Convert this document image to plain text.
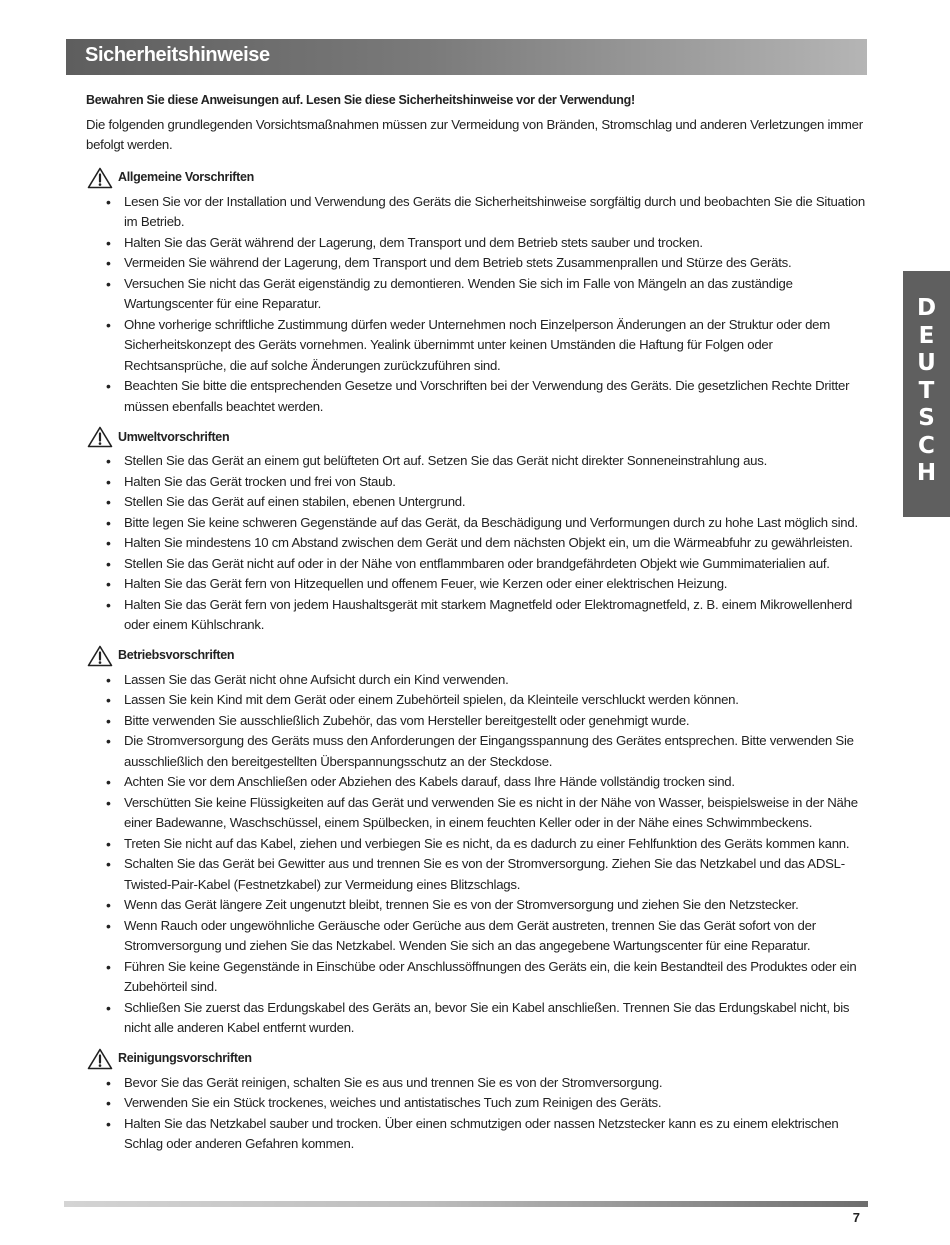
Sicherheitshinweise
D
E
U
T
S
C
H

Bewahren Sie diese Anweisungen auf. Lesen Sie diese Sicherheitshinweise vor der Verwendung!

Die folgenden grundlegenden Vorsichtsmaßnahmen müssen zur Vermeidung von Bränden, Stromschlag und anderen Verletzungen immer befolgt werden.

Allgemeine Vorschriften
• Lesen Sie vor der Installation und Verwendung des Geräts die Sicherheitshinweise sorgfältig durch und beobachten Sie die Situation im Betrieb.
• Halten Sie das Gerät während der Lagerung, dem Transport und dem Betrieb stets sauber und trocken.
• Vermeiden Sie während der Lagerung, dem Transport und dem Betrieb stets Zusammenprallen und Stürze des Geräts.
• Versuchen Sie nicht das Gerät eigenständig zu demontieren. Wenden Sie sich im Falle von Mängeln an das zuständige Wartungscenter für eine Reparatur.
• Ohne vorherige schriftliche Zustimmung dürfen weder Unternehmen noch Einzelperson Änderungen an der Struktur oder dem Sicherheitskonzept des Geräts vornehmen. Yealink übernimmt unter keinen Umständen die Haftung für Folgen oder Rechtsansprüche, die auf solche Änderungen zurückzuführen sind.
• Beachten Sie bitte die entsprechenden Gesetze und Vorschriften bei der Verwendung des Geräts. Die gesetzlichen Rechte Dritter müssen ebenfalls beachtet werden.
Umweltvorschriften
• Stellen Sie das Gerät an einem gut belüfteten Ort auf. Setzen Sie das Gerät nicht direkter Sonneneinstrahlung aus.
• Halten Sie das Gerät trocken und frei von Staub.
• Stellen Sie das Gerät auf einen stabilen, ebenen Untergrund.
• Bitte legen Sie keine schweren Gegenstände auf das Gerät, da Beschädigung und Verformungen durch zu hohe Last möglich sind.
• Halten Sie mindestens 10 cm Abstand zwischen dem Gerät und dem nächsten Objekt ein, um die Wärmeabfuhr zu gewährleisten.
• Stellen Sie das Gerät nicht auf oder in der Nähe von entflammbaren oder brandgefährdeten Objekt wie Gummimaterialien auf.
• Halten Sie das Gerät fern von Hitzequellen und offenem Feuer, wie Kerzen oder einer elektrischen Heizung.
• Halten Sie das Gerät fern von jedem Haushaltsgerät mit starkem Magnetfeld oder Elektromagnetfeld, z. B. einem Mikrowellenherd oder einem Kühlschrank.
Betriebsvorschriften
• Lassen Sie das Gerät nicht ohne Aufsicht durch ein Kind verwenden.
• Lassen Sie kein Kind mit dem Gerät oder einem Zubehörteil spielen, da Kleinteile verschluckt werden können.
• Bitte verwenden Sie ausschließlich Zubehör, das vom Hersteller bereitgestellt oder genehmigt wurde.
• Die Stromversorgung des Geräts muss den Anforderungen der Eingangsspannung des Gerätes entsprechen. Bitte verwenden Sie ausschließlich den bereitgestellten Überspannungsschutz an der Steckdose.
• Achten Sie vor dem Anschließen oder Abziehen des Kabels darauf, dass Ihre Hände vollständig trocken sind.
• Verschütten Sie keine Flüssigkeiten auf das Gerät und verwenden Sie es nicht in der Nähe von Wasser, beispielsweise in der Nähe einer Badewanne, Waschschüssel, einem Spülbecken, in einem feuchten Keller oder in der Nähe eines Schwimmbeckens.
• Treten Sie nicht auf das Kabel, ziehen und verbiegen Sie es nicht, da es dadurch zu einer Fehlfunktion des Geräts kommen kann.
• Schalten Sie das Gerät bei Gewitter aus und trennen Sie es von der Stromversorgung. Ziehen Sie das Netzkabel und das ADSL-Twisted-Pair-Kabel (Festnetzkabel) zur Vermeidung eines Blitzschlags.
• Wenn das Gerät längere Zeit ungenutzt bleibt, trennen Sie es von der Stromversorgung und ziehen Sie den Netzstecker.
• Wenn Rauch oder ungewöhnliche Geräusche oder Gerüche aus dem Gerät austreten, trennen Sie das Gerät sofort von der Stromversorgung und ziehen Sie das Netzkabel. Wenden Sie sich an das angegebene Wartungscenter für eine Reparatur.
• Führen Sie keine Gegenstände in Einschübe oder Anschlussöffnungen des Geräts ein, die kein Bestandteil des Produktes oder ein Zubehörteil sind.
• Schließen Sie zuerst das Erdungskabel des Geräts an, bevor Sie ein Kabel anschließen. Trennen Sie das Erdungskabel nicht, bis nicht alle anderen Kabel entfernt wurden.
Reinigungsvorschriften
• Bevor Sie das Gerät reinigen, schalten Sie es aus und trennen Sie es von der Stromversorgung.
• Verwenden Sie ein Stück trockenes, weiches und antistatisches Tuch zum Reinigen des Geräts.
• Halten Sie das Netzkabel sauber und trocken. Über einen schmutzigen oder nassen Netzstecker kann es zu einem elektrischen Schlag oder anderen Gefahren kommen.
7
